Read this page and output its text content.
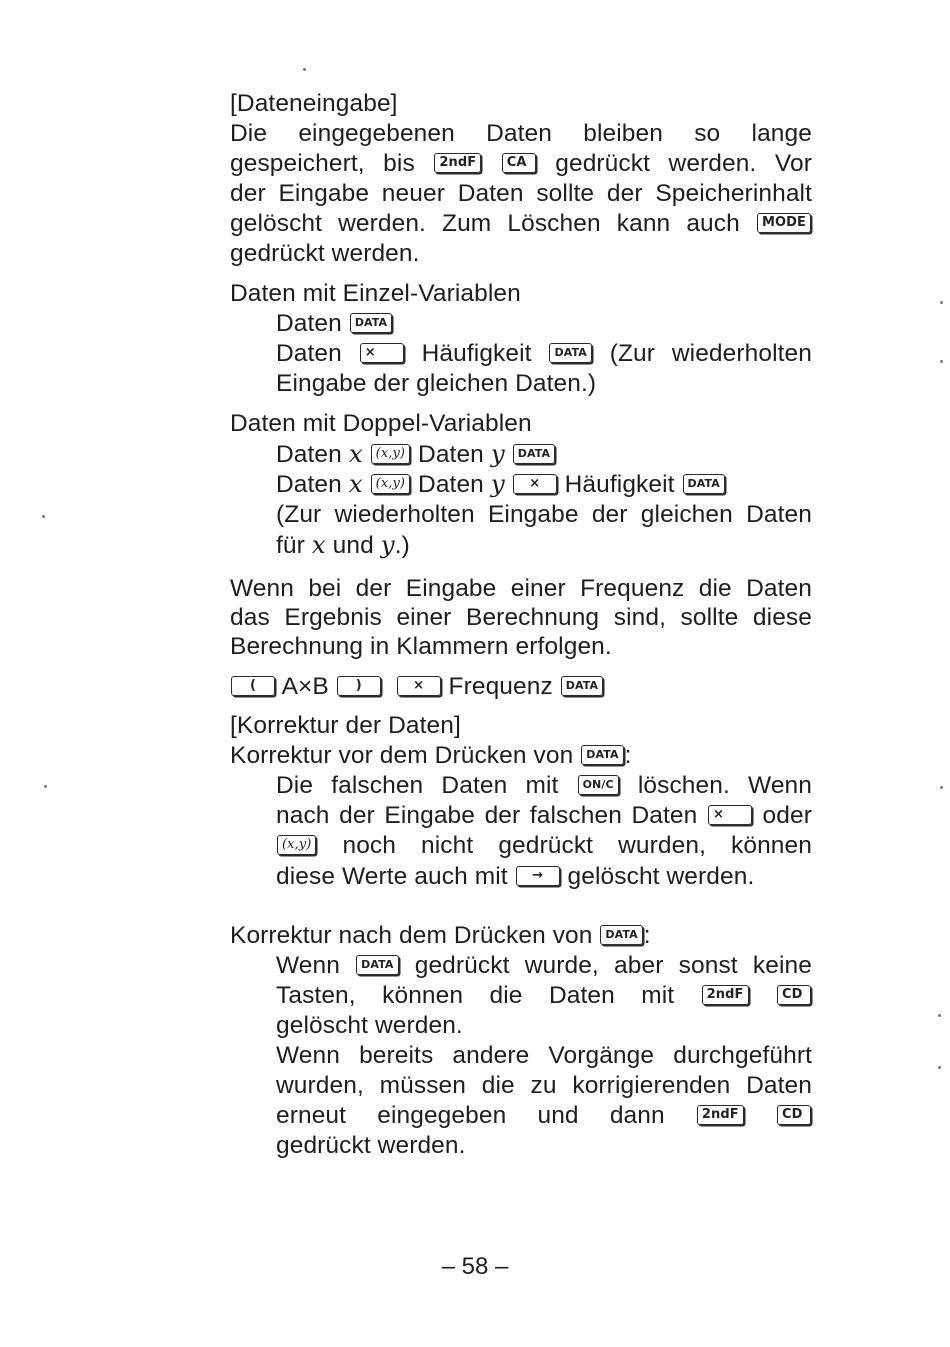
[Dateneingabe]
Die eingegebenen Daten bleiben so lange
gespeichert, bis 2ndF CA gedrückt werden. Vor
der Eingabe neuer Daten sollte der Speicherinhalt
gelöscht werden. Zum Löschen kann auch MODE
gedrückt werden.
Daten mit Einzel-Variablen
Daten DATA
Daten × Häufigkeit DATA (Zur wiederholten
Eingabe der gleichen Daten.)
Daten mit Doppel-Variablen
Daten x (x,y) Daten y DATA
Daten x (x,y) Daten y × Häufigkeit DATA
(Zur wiederholten Eingabe der gleichen Daten
für x und y.)
Wenn bei der Eingabe einer Frequenz die Daten
das Ergebnis einer Berechnung sind, sollte diese
Berechnung in Klammern erfolgen.
( A×B )	× Frequenz DATA
[Korrektur der Daten]
Korrektur vor dem Drücken von DATA :
Die falschen Daten mit ON/C löschen. Wenn
nach der Eingabe der falschen Daten × oder
(x,y) noch nicht gedrückt wurden, können
diese Werte auch mit → gelöscht werden.
Korrektur nach dem Drücken von DATA :
Wenn DATA gedrückt wurde, aber sonst keine
Tasten, können die Daten mit 2ndF	CD
gelöscht werden.
Wenn bereits andere Vorgänge durchgeführt
wurden, müssen die zu korrigierenden Daten
erneut eingegeben und dann	2ndF	CD
gedrückt werden.
– 58 –
